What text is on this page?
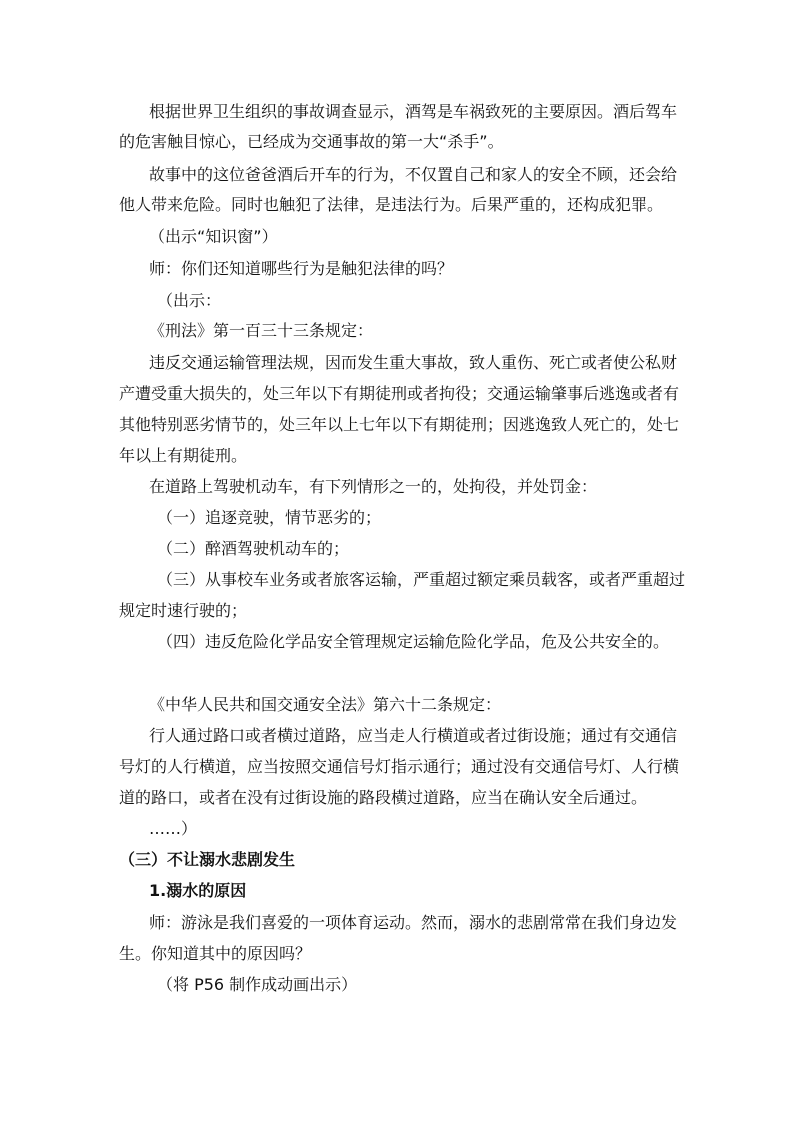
根据世界卫生组织的事故调查显示，酒驾是车祸致死的主要原因。酒后驾车
的危害触目惊心，已经成为交通事故的第一大“杀手”。
故事中的这位爸爸酒后开车的行为，不仅置自己和家人的安全不顾，还会给
他人带来危险。同时也触犯了法律，是违法行为。后果严重的，还构成犯罪。
（出示“知识窗”）
师：你们还知道哪些行为是触犯法律的吗？
（出示：
《刑法》第一百三十三条规定：
违反交通运输管理法规，因而发生重大事故，致人重伤、死亡或者使公私财
产遭受重大损失的，处三年以下有期徒刑或者拘役；交通运输肇事后逃逸或者有
其他特别恶劣情节的，处三年以上七年以下有期徒刑；因逃逸致人死亡的，处七
年以上有期徒刑。
在道路上驾驶机动车，有下列情形之一的，处拘役，并处罚金：
（一）追逐竞驶，情节恶劣的；
（二）醉酒驾驶机动车的；
（三）从事校车业务或者旅客运输，严重超过额定乘员载客，或者严重超过
规定时速行驶的；
（四）违反危险化学品安全管理规定运输危险化学品，危及公共安全的。
《中华人民共和国交通安全法》第六十二条规定：
行人通过路口或者横过道路，应当走人行横道或者过街设施；通过有交通信
号灯的人行横道，应当按照交通信号灯指示通行；通过没有交通信号灯、人行横
道的路口，或者在没有过街设施的路段横过道路，应当在确认安全后通过。
……）
（三）不让溺水悲剧发生
1.溺水的原因
师：游泳是我们喜爱的一项体育运动。然而，溺水的悲剧常常在我们身边发
生。你知道其中的原因吗？
（将 P56 制作成动画出示）
